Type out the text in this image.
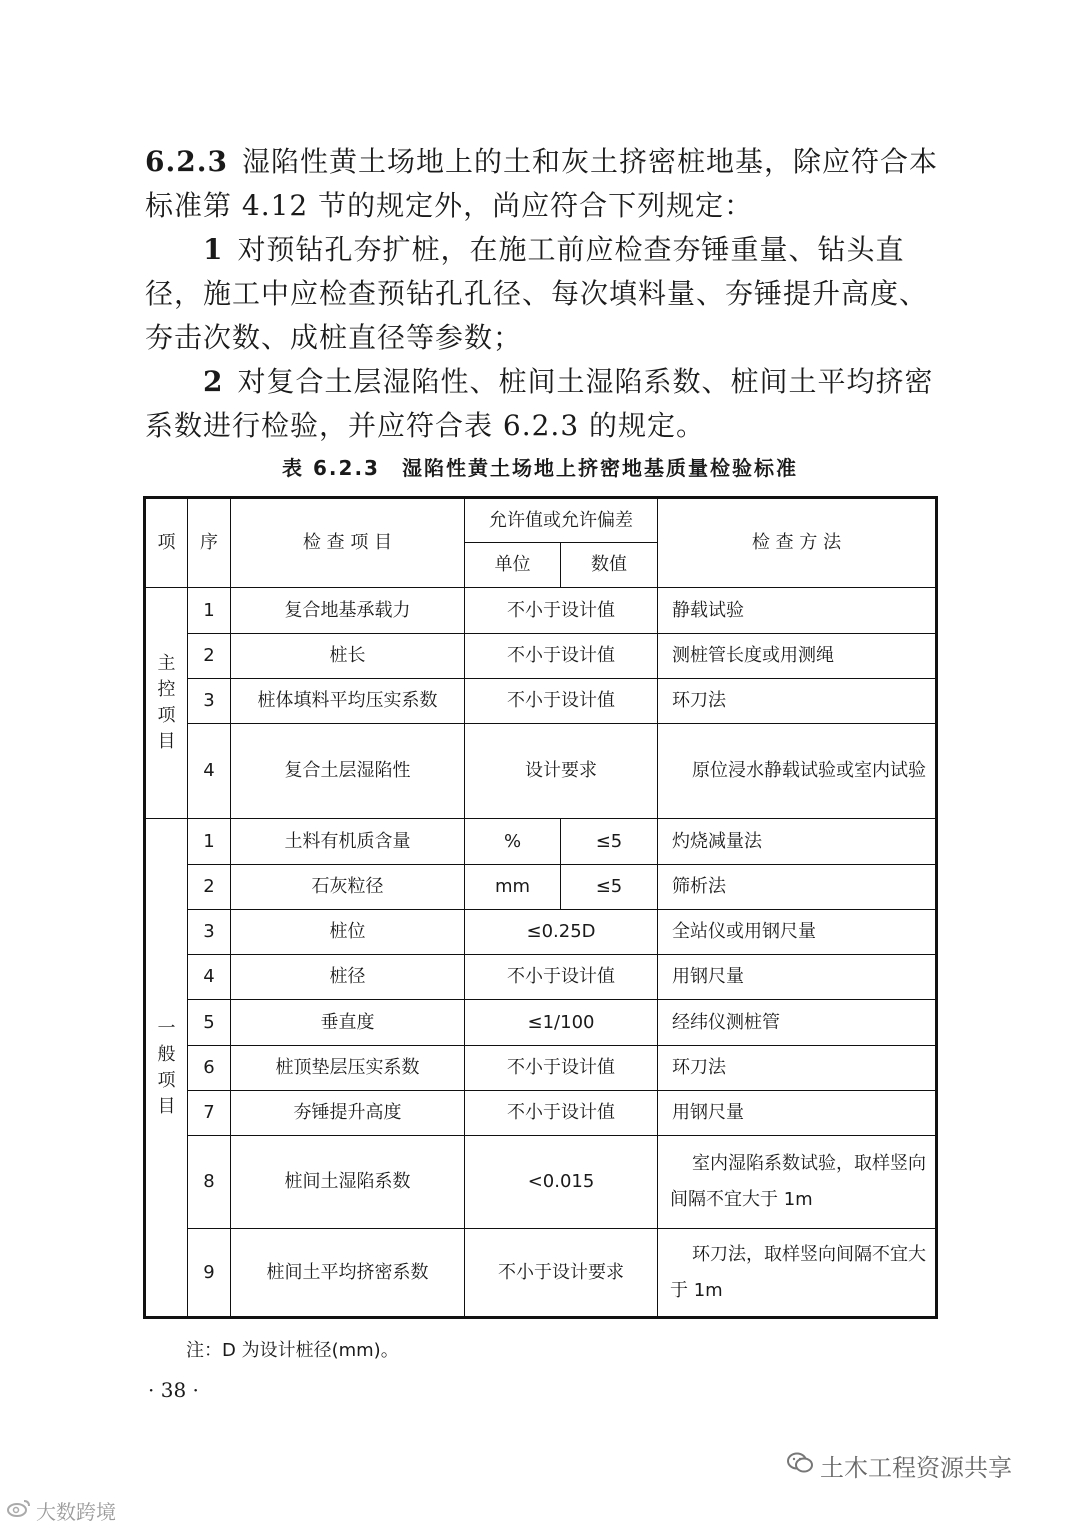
6.2.3 湿陷性黄土场地上的土和灰土挤密桩地基，除应符合本标准第 4.12 节的规定外，尚应符合下列规定：

1 对预钻孔夯扩桩，在施工前应检查夯锤重量、钻头直径，施工中应检查预钻孔孔径、每次填料量、夯锤提升高度、夯击次数、成桩直径等参数；

2 对复合土层湿陷性、桩间土湿陷系数、桩间土平均挤密系数进行检验，并应符合表 6.2.3 的规定。

表 6.2.3　湿陷性黄土场地上挤密地基质量检验标准
项	序	检 查 项 目	允许值或允许偏差		检 查 方 法
			单位	数值	

主
控
项
目	1	复合地基承载力	不小于设计值		静载试验
	2	桩长	不小于设计值		测桩管长度或用测绳
	3	桩体填料平均压实系数	不小于设计值		环刀法
	4	复合土层湿陷性	设计要求		原位浸水静载试验或室内试验

一
般
项
目	1	土料有机质含量	%	≤5	灼烧减量法
	2	石灰粒径	mm	≤5	筛析法
	3	桩位	≤0.25D		全站仪或用钢尺量
	4	桩径	不小于设计值		用钢尺量
	5	垂直度	≤1/100		经纬仪测桩管
	6	桩顶垫层压实系数	不小于设计值		环刀法
	7	夯锤提升高度	不小于设计值		用钢尺量
	8	桩间土湿陷系数	<0.015		室内湿陷系数试验，取样竖向间隔不宜大于 1m
	9	桩间土平均挤密系数	不小于设计要求		环刀法，取样竖向间隔不宜大于 1m
注：D 为设计桩径(mm)。
· 38 ·
土木工程资源共享
大数跨境
